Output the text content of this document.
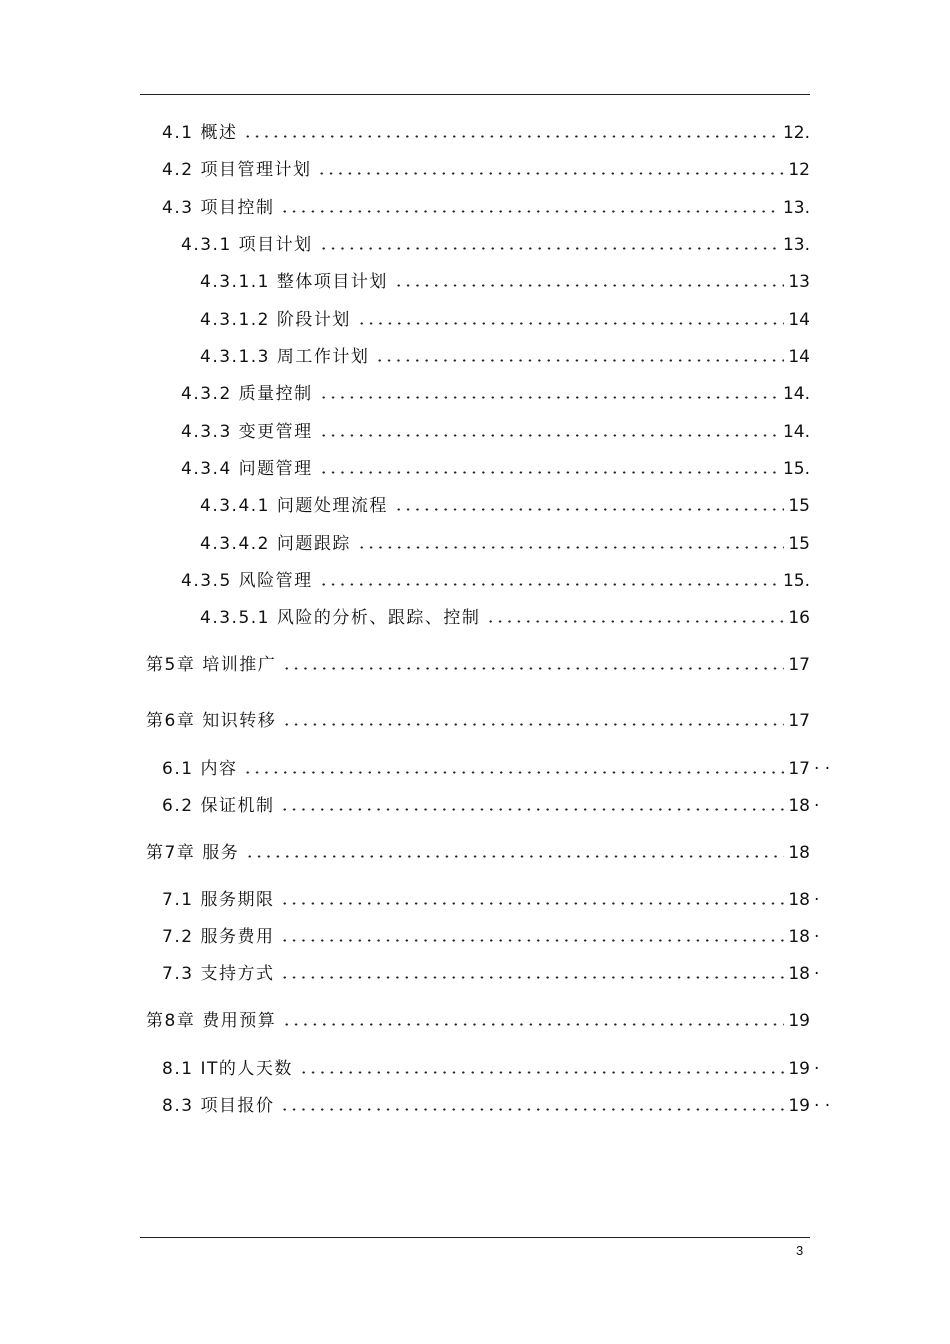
4.1 概述	12.
4.2 项目管理计划	12
4.3 项目控制	13.
4.3.1 项目计划	13.
4.3.1.1 整体项目计划	13
4.3.1.2 阶段计划	14
4.3.1.3 周工作计划	14
4.3.2 质量控制	14.
4.3.3 变更管理	14.
4.3.4 问题管理	15.
4.3.4.1 问题处理流程	15
4.3.4.2 问题跟踪	15
4.3.5 风险管理	15.
4.3.5.1 风险的分析、跟踪、控制	16
第5章 培训推广	17
第6章 知识转移	17
6.1 内容	17 . .
6.2 保证机制	18 .
第7章 服务	18
7.1 服务期限	18 .
7.2 服务费用	18 .
7.3 支持方式	18 .
第8章 费用预算	19
8.1 IT的人天数	19 .
8.3 项目报价	19 . .
3
